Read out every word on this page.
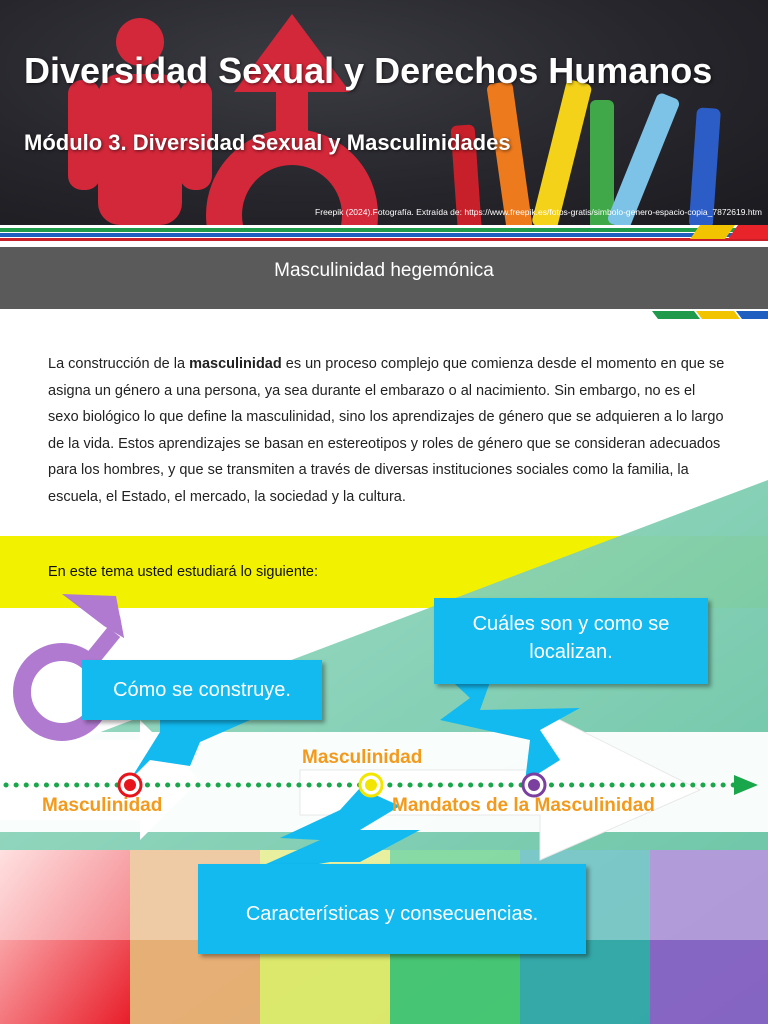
Diversidad Sexual y Derechos Humanos
Módulo 3. Diversidad Sexual y Masculinidades
Freepik (2024).Fotografía. Extraída de: https://www.freepik.es/fotos-gratis/simbolo-genero-espacio-copia_7872619.htm
Masculinidad hegemónica

La construcción de la masculinidad es un proceso complejo que comienza desde el momento en que se asigna un género a una persona, ya sea durante el embarazo o al nacimiento. Sin embargo, no es el sexo biológico lo que define la masculinidad, sino los aprendizajes de género que se adquieren a lo largo de la vida. Estos aprendizajes se basan en estereotipos y roles de género que se consideran adecuados para los hombres, y que se transmiten a través de diversas instituciones sociales como la familia, la escuela, el Estado, el mercado, la sociedad y la cultura.

En este tema usted estudiará lo siguiente:
Cómo se construye.
Cuáles son y como se localizan.
Características y consecuencias.
Masculinidad
Masculinidad
Mandatos de la Masculinidad
